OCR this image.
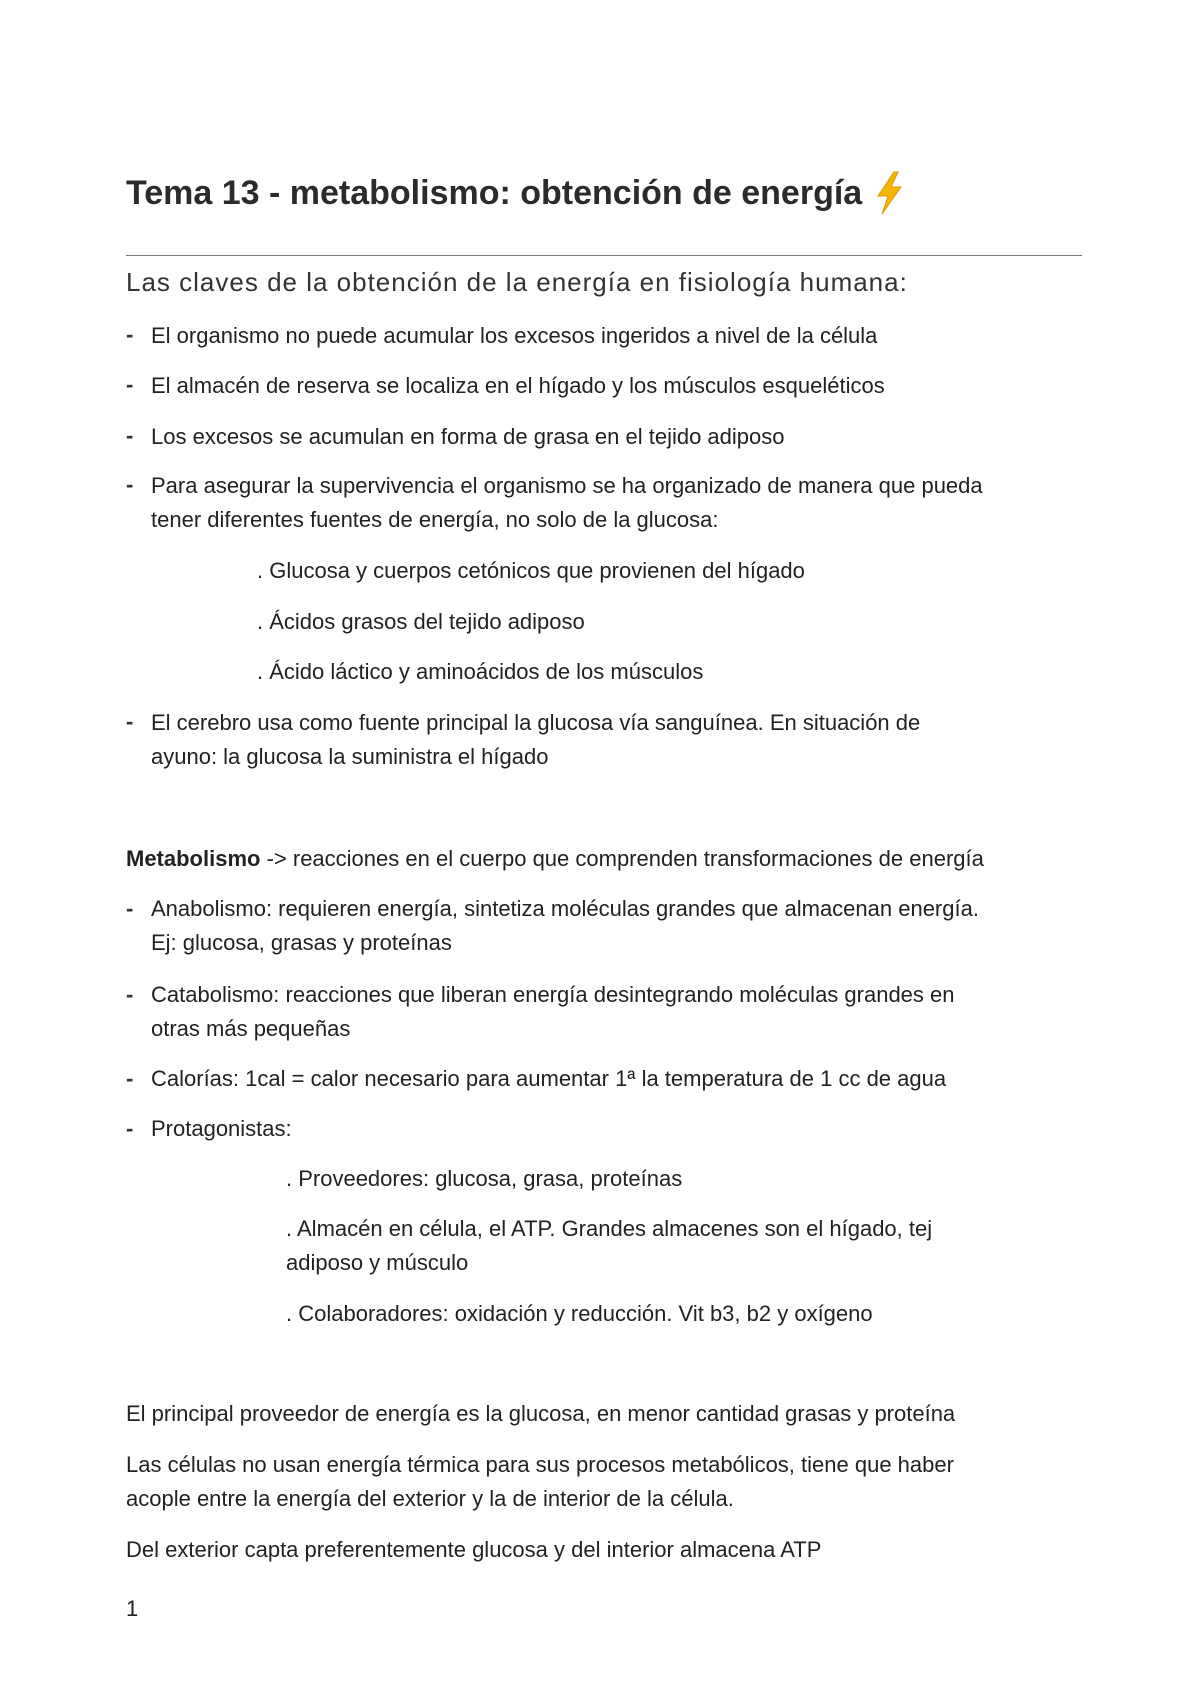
Tema 13 - metabolismo: obtención de energía
Las claves de la obtención de la energía en fisiología humana:
- El organismo no puede acumular los excesos ingeridos a nivel de la célula
- El almacén de reserva se localiza en el hígado y los músculos esqueléticos
- Los excesos se acumulan en forma de grasa en el tejido adiposo
- Para asegurar la supervivencia el organismo se ha organizado de manera que pueda
tener diferentes fuentes de energía, no solo de la glucosa:
. Glucosa y cuerpos cetónicos que provienen del hígado
. Ácidos grasos del tejido adiposo
. Ácido láctico y aminoácidos de los músculos
- El cerebro usa como fuente principal la glucosa vía sanguínea. En situación de
ayuno: la glucosa la suministra el hígado
Metabolismo -> reacciones en el cuerpo que comprenden transformaciones de energía
- Anabolismo: requieren energía, sintetiza moléculas grandes que almacenan energía.
Ej: glucosa, grasas y proteínas
- Catabolismo: reacciones que liberan energía desintegrando moléculas grandes en
otras más pequeñas
- Calorías: 1cal = calor necesario para aumentar 1ª la temperatura de 1 cc de agua
- Protagonistas:
. Proveedores: glucosa, grasa, proteínas
. Almacén en célula, el ATP. Grandes almacenes son el hígado, tej
adiposo y músculo
. Colaboradores: oxidación y reducción. Vit b3, b2 y oxígeno
El principal proveedor de energía es la glucosa, en menor cantidad grasas y proteína
Las células no usan energía térmica para sus procesos metabólicos, tiene que haber
acople entre la energía del exterior y la de interior de la célula.
Del exterior capta preferentemente glucosa y del interior almacena ATP
1
